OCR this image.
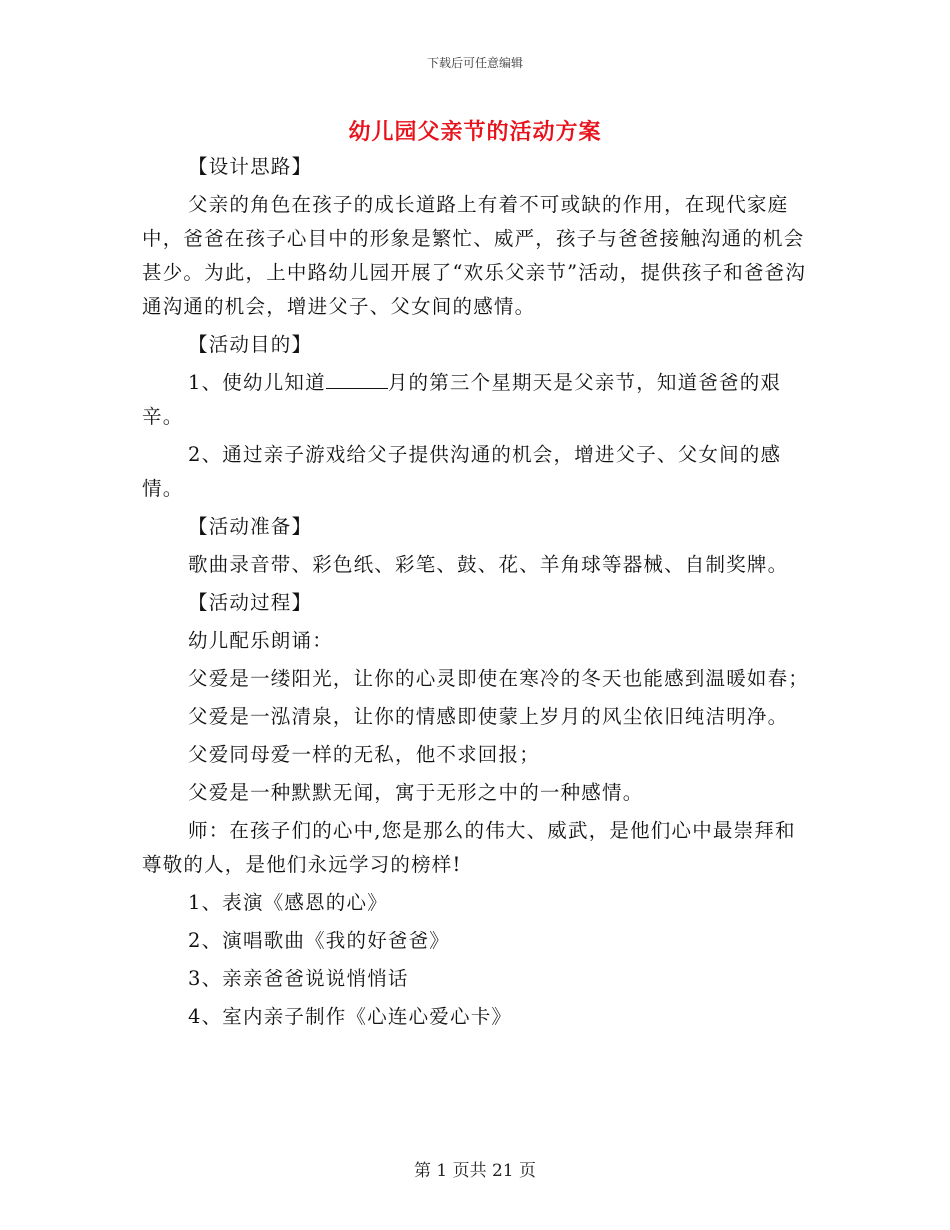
下载后可任意编辑
幼儿园父亲节的活动方案

【设计思路】

父亲的角色在孩子的成长道路上有着不可或缺的作用，在现代家庭中，爸爸在孩子心目中的形象是繁忙、威严，孩子与爸爸接触沟通的机会甚少。为此，上中路幼儿园开展了“欢乐父亲节”活动，提供孩子和爸爸沟通沟通的机会，增进父子、父女间的感情。

【活动目的】

1、使幼儿知道	月的第三个星期天是父亲节，知道爸爸的艰辛。

2、通过亲子游戏给父子提供沟通的机会，增进父子、父女间的感情。

【活动准备】

歌曲录音带、彩色纸、彩笔、鼓、花、羊角球等器械、自制奖牌。

【活动过程】

幼儿配乐朗诵：

父爱是一缕阳光，让你的心灵即使在寒冷的冬天也能感到温暖如春；

父爱是一泓清泉，让你的情感即使蒙上岁月的风尘依旧纯洁明净。

父爱同母爱一样的无私，他不求回报；

父爱是一种默默无闻，寓于无形之中的一种感情。

师：在孩子们的心中,您是那么的伟大、威武，是他们心中最崇拜和尊敬的人，是他们永远学习的榜样!

1、表演《感恩的心》

2、演唱歌曲《我的好爸爸》

3、亲亲爸爸说说悄悄话

4、室内亲子制作《心连心爱心卡》

第 1 页共 21 页
